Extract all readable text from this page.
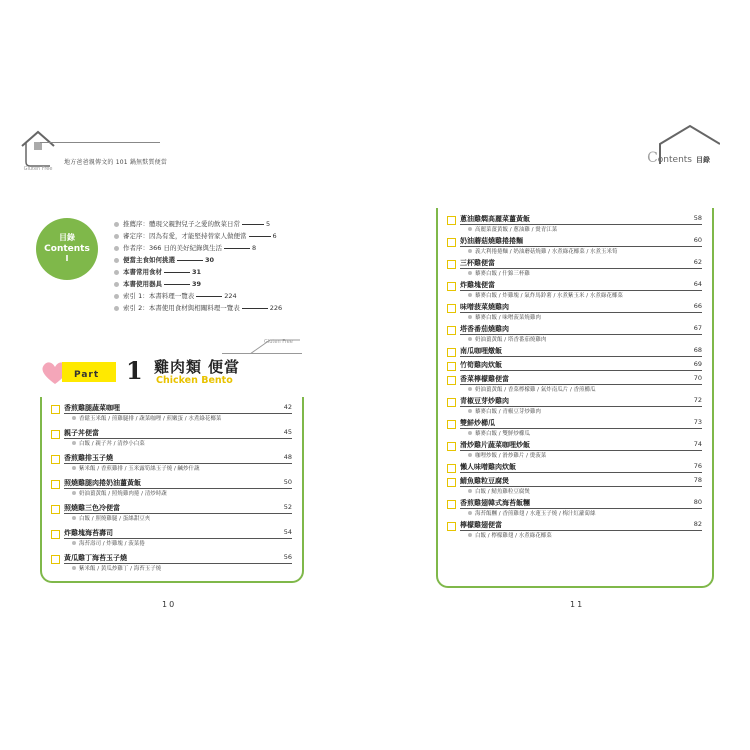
Gluten Free
地方爸爸親傳文的 101 鍋無麩質便當	Contents 目錄
目錄
Contents
I
推薦序：體現父親對兒子之愛的飲菜日常	5
審定序：因為有愛，才能堅持替家人做便當	6
作者序：366 日的美好紀錄與生活	8
便當主食如何挑選	30
本書常用食材	31
本書使用器具	39
索引 1：本書料理一覽表	224
索引 2：本書使用食材與相關料理一覽表	226
Part	1 雞肉類 便當
Chicken Bento
Gluten Free
香煎雞腿蔬菜咖哩	42
香鬆玉米飯 / 煎雞腿排 / 蔬菜咖哩 / 煎嫩蛋 / 水煮綠花椰菜
親子丼便當	45
白飯 / 親子丼 / 清炒小白菜
香煎雞排玉子燒	48
紫米飯 / 香煎雞排 / 玉米露筍絲玉子燒 / 鹹炒什蔬
照燒雞腿肉捲奶油薑黃飯	50
奶油薑黃飯 / 照燒雞肉捲 / 清炒時蔬
照燒雞三色冷便當	52
白飯 / 照燒雞腿 / 蛋絲甜豆夾
炸雞塊海苔壽司	54
海苔壽司 / 炸雞塊 / 菠菜捲
黃瓜雞丁海苔玉子燒	56
紫米飯 / 黃瓜炒雞丁 / 海苔玉子燒
蔥油雞燜高麗菜薑黃飯	58
高麗菜薑黃飯 / 蔥油雞 / 燙青江菜
奶油蘑菇燒雞捲捲麵	60
義大利捲捲麵 / 奶油蘑菇燒雞 / 水煮綠花椰菜 / 水煮玉米筍
三杯雞便當	62
藜麥白飯 / 什錦三杯雞
炸雞塊便當	64
藜麥白飯 / 炸雞塊 / 氣炸馬鈴薯 / 水煮紫玉米 / 水煮綠花椰菜
味噌菠菜燒雞肉	66
藜麥白飯 / 味噌菠菜燒雞肉
塔香番茄燒雞肉	67
奶油薑黃飯 / 塔香番茄燒雞肉
南瓜咖哩燉飯	68
竹筍雞肉炊飯	69
香菜檸檬雞便當	70
奶油薑黃飯 / 香菜檸檬雞 / 氣炸南瓜片 / 香煎櫛瓜
青椒豆芽炒雞肉	72
藜麥白飯 / 青椒豆芽炒雞肉
雙鮮炒櫛瓜	73
藜麥白飯 / 雙鮮炒櫛瓜
滑炒雞片蔬菜咖哩炒飯	74
咖哩炒飯 / 滑炒雞片 / 燙菠菜
懶人味噌雞肉炊飯	76
鯖魚雞粒豆腐煲	78
白飯 / 鯖魚雞粒豆腐煲
香煎雞翅韓式海苔飯糰	80
海苔飯糰 / 香煎雞翅 / 水蓮玉子燒 / 梅汁紅蘿蔔絲
檸檬雞翅便當	82
白飯 / 檸檬雞翅 / 水煮綠花椰菜
10	11
